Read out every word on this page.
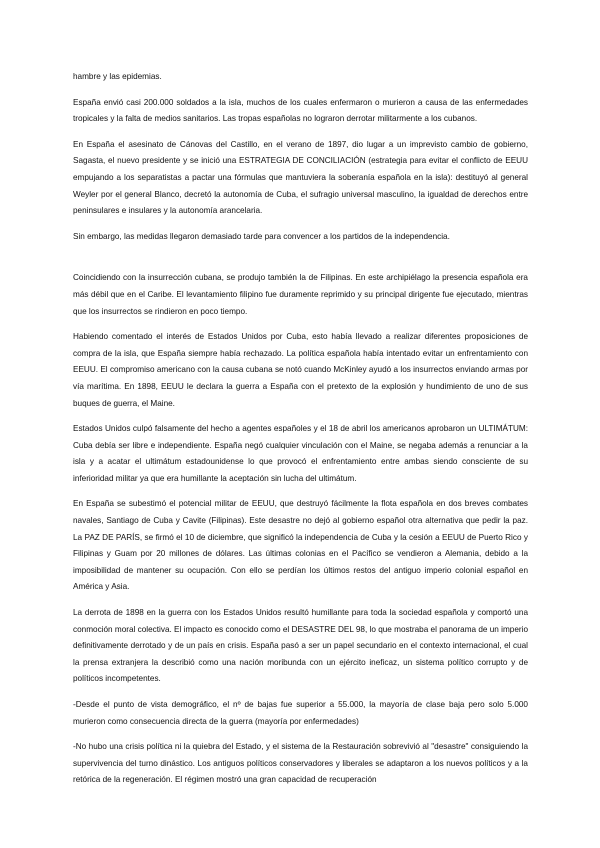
hambre y las epidemias.

España envió casi 200.000 soldados a la isla, muchos de los cuales enfermaron o murieron a causa de las enfermedades tropicales y la falta de medios sanitarios. Las tropas españolas no lograron derrotar militarmente a los cubanos.

En España el asesinato de Cánovas del Castillo, en el verano de 1897, dio lugar a un imprevisto cambio de gobierno, Sagasta, el nuevo presidente y se inició una ESTRATEGIA DE CONCILIACIÓN (estrategia para evitar el conflicto de EEUU empujando a los separatistas a pactar una fórmulas que mantuviera la soberanía española en la isla): destituyó al general Weyler por el general Blanco, decretó la autonomía de Cuba, el sufragio universal masculino, la igualdad de derechos entre peninsulares e insulares y la autonomía arancelaria.

Sin embargo, las medidas llegaron demasiado tarde para convencer a los partidos de la independencia.

Coincidiendo con la insurrección cubana, se produjo también la de Filipinas. En este archipiélago la presencia española era más débil que en el Caribe. El levantamiento filipino fue duramente reprimido y su principal dirigente fue ejecutado, mientras que los insurrectos se rindieron en poco tiempo.

Habiendo comentado el interés de Estados Unidos por Cuba, esto había llevado a realizar diferentes proposiciones de compra de la isla, que España siempre había rechazado. La política española había intentado evitar un enfrentamiento con EEUU. El compromiso americano con la causa cubana se notó cuando McKinley ayudó a los insurrectos enviando armas por vía marítima. En 1898, EEUU le declara la guerra a España con el pretexto de la explosión y hundimiento de uno de sus buques de guerra, el Maine.

Estados Unidos culpó falsamente del hecho a agentes españoles y el 18 de abril los americanos aprobaron un ULTIMÁTUM: Cuba debía ser libre e independiente. España negó cualquier vinculación con el Maine, se negaba además a renunciar a la isla y a acatar el ultimátum estadounidense lo que provocó el enfrentamiento entre ambas siendo consciente de su inferioridad militar ya que era humillante la aceptación sin lucha del ultimátum.

En España se subestimó el potencial militar de EEUU, que destruyó fácilmente la flota española en dos breves combates navales, Santiago de Cuba y Cavite (Filipinas). Este desastre no dejó al gobierno español otra alternativa que pedir la paz. La PAZ DE PARÍS, se firmó el 10 de diciembre, que significó la independencia de Cuba y la cesión a EEUU de Puerto Rico y Filipinas y Guam por 20 millones de dólares. Las últimas colonias en el Pacífico se vendieron a Alemania, debido a la imposibilidad de mantener su ocupación. Con ello se perdían los últimos restos del antiguo imperio colonial español en América y Asia.

La derrota de 1898 en la guerra con los Estados Unidos resultó humillante para toda la sociedad española y comportó una conmoción moral colectiva. El impacto es conocido como el DESASTRE DEL 98, lo que mostraba el panorama de un imperio definitivamente derrotado y de un país en crisis. España pasó a ser un papel secundario en el contexto internacional, el cual la prensa extranjera la describió como una nación moribunda con un ejército ineficaz, un sistema político corrupto y de políticos incompetentes.

-Desde el punto de vista demográfico, el nº de bajas fue superior a 55.000, la mayoría de clase baja pero solo 5.000 murieron como consecuencia directa de la guerra (mayoría por enfermedades)

-No hubo una crisis política ni la quiebra del Estado, y el sistema de la Restauración sobrevivió al "desastre" consiguiendo la supervivencia del turno dinástico. Los antiguos políticos conservadores y liberales se adaptaron a los nuevos políticos y a la retórica de la regeneración. El régimen mostró una gran capacidad de recuperación
